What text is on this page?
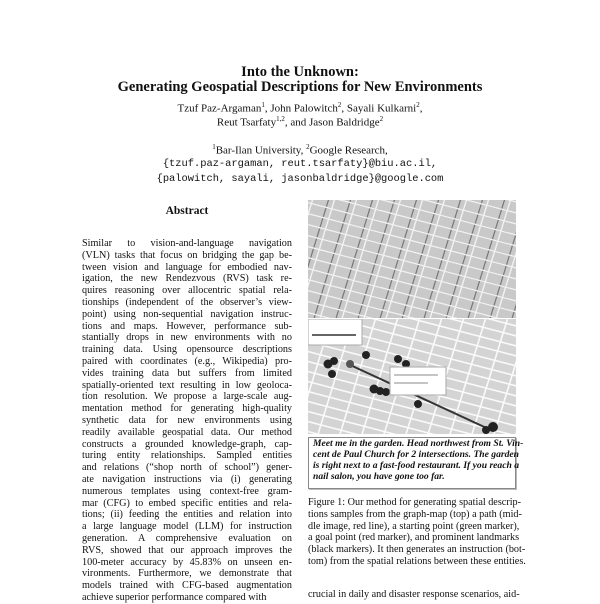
Into the Unknown:
Generating Geospatial Descriptions for New Environments
Tzuf Paz-Argaman$^1$, John Palowitch$^2$, Sayali Kulkarni$^2$,
Reut Tsarfaty$^{1,2}$, and Jason Baldridge$^2$
$^1$Bar-Ilan University, $^2$Google Research,
{tzuf.paz-argaman, reut.tsarfaty}@biu.ac.il,
{palowitch, sayali, jasonbaldridge}@google.com
Abstract
Similar to vision-and-language navigation
(VLN) tasks that focus on bridging the gap be-
tween vision and language for embodied nav-
igation, the new Rendezvous (RVS) task re-
quires reasoning over allocentric spatial rela-
tionships (independent of the observer’s view-
point) using non-sequential navigation instruc-
tions and maps. However, performance sub-
stantially drops in new environments with no
training data. Using opensource descriptions
paired with coordinates (e.g., Wikipedia) pro-
vides training data but suffers from limited
spatially-oriented text resulting in low geoloca-
tion resolution. We propose a large-scale aug-
mentation method for generating high-quality
synthetic data for new environments using
readily available geospatial data. Our method
constructs a grounded knowledge-graph, cap-
turing entity relationships. Sampled entities
and relations (“shop north of school”) gener-
ate navigation instructions via (i) generating
numerous templates using context-free gram-
mar (CFG) to embed specific entities and rela-
tions; (ii) feeding the entities and relation into
a large language model (LLM) for instruction
generation. A comprehensive evaluation on
RVS, showed that our approach improves the
100-meter accuracy by 45.83% on unseen en-
vironments. Furthermore, we demonstrate that
models trained with CFG-based augmentation
achieve superior performance compared with
Meet me in the garden. Head northwest from St. Vin-
cent de Paul Church for 2 intersections. The garden
is right next to a fast-food restaurant. If you reach a
nail salon, you have gone too far.
Figure 1: Our method for generating spatial descrip-
tions samples from the graph-map (top) a path (mid-
dle image, red line), a starting point (green marker),
a goal point (red marker), and prominent landmarks
(black markers). It then generates an instruction (bot-
tom) from the spatial relations between these entities.
crucial in daily and disaster response scenarios, aid-
